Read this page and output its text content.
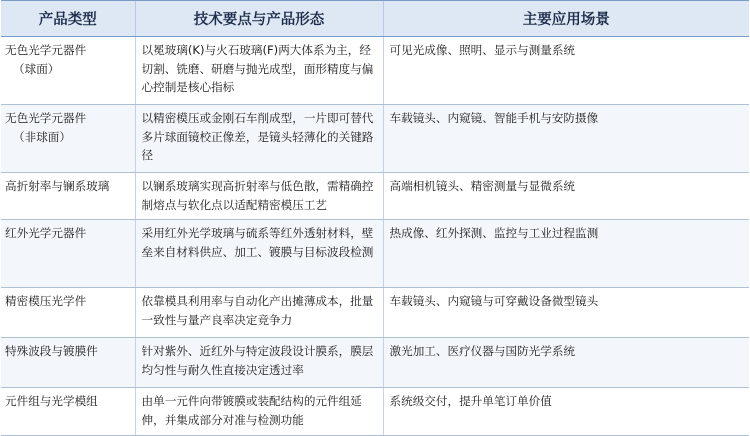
产品类型	技术要点与产品形态	主要应用场景

无色光学元器件
（球面）	以冕玻璃(K)与火石玻璃(F)两大体系为主，经切割、铣磨、研磨与抛光成型，面形精度与偏心控制是核心指标	可见光成像、照明、显示与测量系统

无色光学元器件
（非球面）	以精密模压或金刚石车削成型，一片即可替代多片球面镜校正像差，是镜头轻薄化的关键路径	车载镜头、内窥镜、智能手机与安防摄像

高折射率与镧系玻璃	以镧系玻璃实现高折射率与低色散，需精确控制熔点与软化点以适配精密模压工艺	高端相机镜头、精密测量与显微系统

红外光学元器件	采用红外光学玻璃与硫系等红外透射材料，壁垒来自材料供应、加工、镀膜与目标波段检测	热成像、红外探测、监控与工业过程监测

精密模压光学件	依靠模具利用率与自动化产出摊薄成本，批量一致性与量产良率决定竞争力	车载镜头、内窥镜与可穿戴设备微型镜头

特殊波段与镀膜件	针对紫外、近红外与特定波段设计膜系，膜层均匀性与耐久性直接决定透过率	激光加工、医疗仪器与国防光学系统

元件组与光学模组	由单一元件向带镀膜或装配结构的元件组延伸，并集成部分对准与检测功能	系统级交付，提升单笔订单价值
